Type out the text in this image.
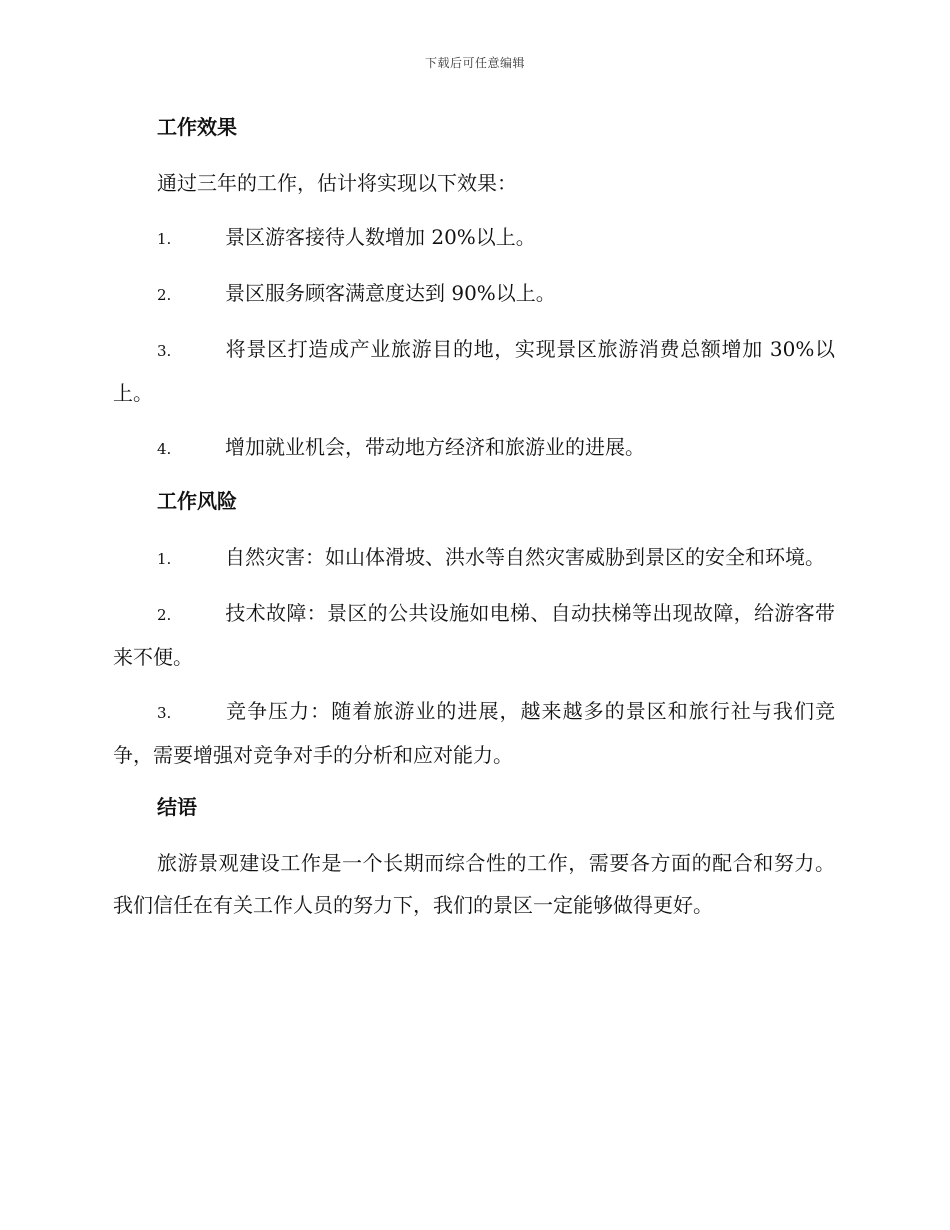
下载后可任意编辑
工作效果

通过三年的工作，估计将实现以下效果：

1.	景区游客接待人数增加 20%以上。

2.	景区服务顾客满意度达到 90%以上。

3.	将景区打造成产业旅游目的地，实现景区旅游消费总额增加 30%以上。

4.	增加就业机会，带动地方经济和旅游业的进展。

工作风险

1.	自然灾害：如山体滑坡、洪水等自然灾害威胁到景区的安全和环境。

2.	技术故障：景区的公共设施如电梯、自动扶梯等出现故障，给游客带来不便。

3.	竞争压力：随着旅游业的进展，越来越多的景区和旅行社与我们竞争，需要增强对竞争对手的分析和应对能力。

结语

旅游景观建设工作是一个长期而综合性的工作，需要各方面的配合和努力。我们信任在有关工作人员的努力下，我们的景区一定能够做得更好。
